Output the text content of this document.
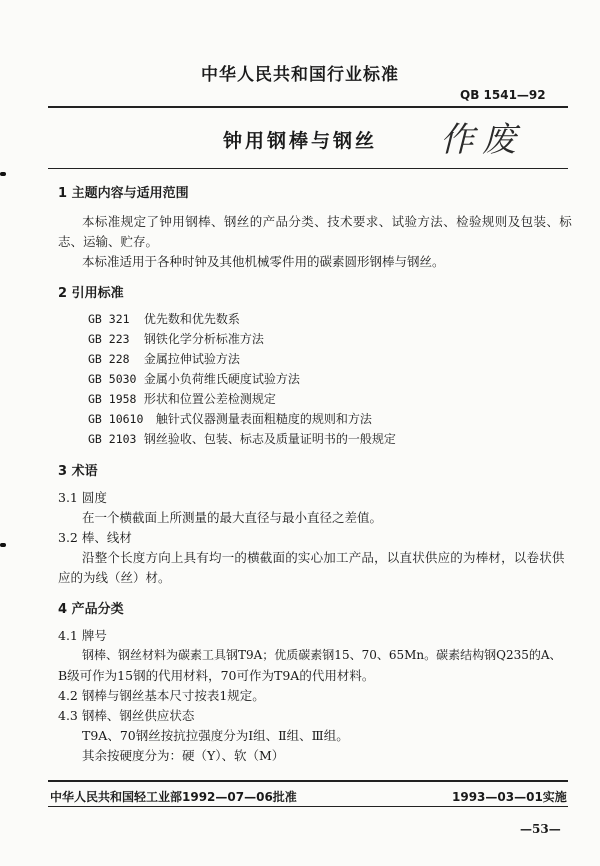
中华人民共和国行业标准
QB 1541—92
钟用钢棒与钢丝	作废
1 主题内容与适用范围
本标准规定了钟用钢棒、钢丝的产品分类、技术要求、试验方法、检验规则及包装、标
志、运输、贮存。
本标准适用于各种时钟及其他机械零件用的碳素圆形钢棒与钢丝。
2 引用标准
GB 321 优先数和优先数系
GB 223 钢铁化学分析标准方法
GB 228 金属拉伸试验方法
GB 5030 金属小负荷维氏硬度试验方法
GB 1958 形状和位置公差检测规定
GB 10610 触针式仪器测量表面粗糙度的规则和方法
GB 2103 钢丝验收、包装、标志及质量证明书的一般规定
3 术语
3.1 圆度
在一个横截面上所测量的最大直径与最小直径之差值。
3.2 棒、线材
沿整个长度方向上具有均一的横截面的实心加工产品，以直状供应的为棒材，以卷状供
应的为线（丝）材。
4 产品分类
4.1 牌号
钢棒、钢丝材料为碳素工具钢T9A；优质碳素钢15、70、65Mn。碳素结构钢Q235的A、
B级可作为15钢的代用材料，70可作为T9A的代用材料。
4.2 钢棒与钢丝基本尺寸按表1规定。
4.3 钢棒、钢丝供应状态
T9A、70钢丝按抗拉强度分为Ⅰ组、Ⅱ组、Ⅲ组。
其余按硬度分为：硬（Y）、软（M）
中华人民共和国轻工业部1992—07—06批准	1993—03—01实施
—53—
